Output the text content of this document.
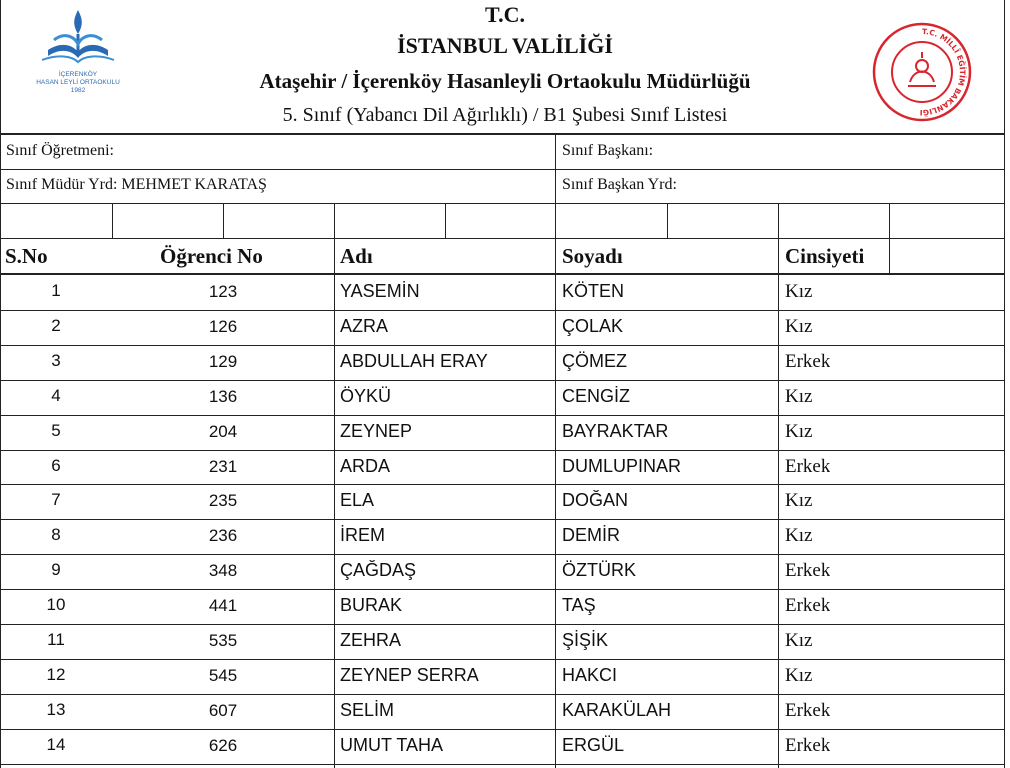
İÇERENKÖY
HASAN LEYLİ ORTAOKULU
1982
T.C.
İSTANBUL VALİLİĞİ
Ataşehir / İçerenköy Hasanleyli Ortaokulu Müdürlüğü
5. Sınıf (Yabancı Dil Ağırlıklı) / B1 Şubesi Sınıf Listesi
T.C. MİLLÎ EĞİTİM BAKANLIĞI
Sınıf Öğretmeni:	Sınıf Başkanı:
Sınıf Müdür Yrd: MEHMET KARATAŞ	Sınıf Başkan Yrd:
S.No	Öğrenci No	Adı	Soyadı	Cinsiyeti
1	123	YASEMİN	KÖTEN	Kız
2	126	AZRA	ÇOLAK	Kız
3	129	ABDULLAH ERAY	ÇÖMEZ	Erkek
4	136	ÖYKÜ	CENGİZ	Kız
5	204	ZEYNEP	BAYRAKTAR	Kız
6	231	ARDA	DUMLUPINAR	Erkek
7	235	ELA	DOĞAN	Kız
8	236	İREM	DEMİR	Kız
9	348	ÇAĞDAŞ	ÖZTÜRK	Erkek
10	441	BURAK	TAŞ	Erkek
11	535	ZEHRA	ŞİŞİK	Kız
12	545	ZEYNEP SERRA	HAKCI	Kız
13	607	SELİM	KARAKÜLAH	Erkek
14	626	UMUT TAHA	ERGÜL	Erkek
